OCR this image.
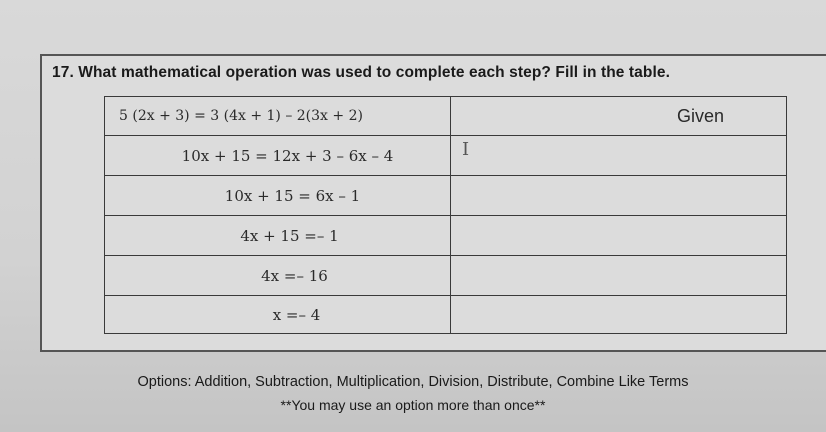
17. What mathematical operation was used to complete each step? Fill in the table.
5 (2x + 3) = 3 (4x + 1) – 2(3x + 2)	Given
10x + 15 = 12x + 3 – 6x – 4
10x + 15 = 6x – 1
4x + 15 =– 1
4x =– 16
x =– 4
I
Options: Addition, Subtraction, Multiplication, Division, Distribute, Combine Like Terms
**You may use an option more than once**
